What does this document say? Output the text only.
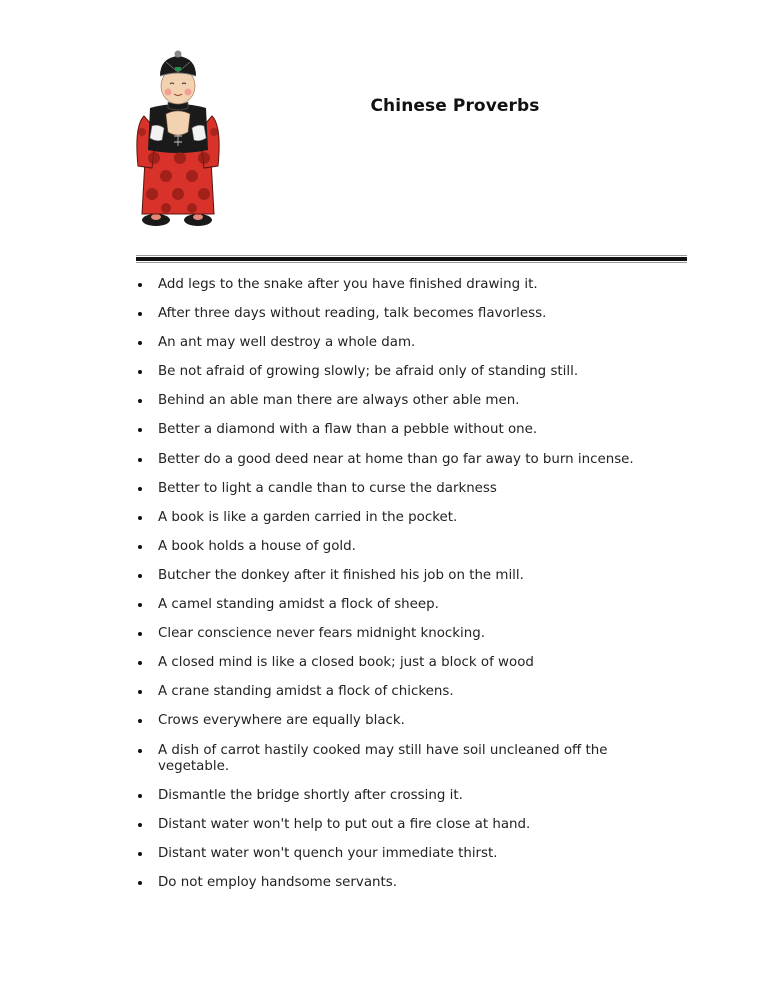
Chinese Proverbs
Add legs to the snake after you have finished drawing it.
After three days without reading, talk becomes flavorless.
An ant may well destroy a whole dam.
Be not afraid of growing slowly; be afraid only of standing still.
Behind an able man there are always other able men.
Better a diamond with a flaw than a pebble without one.
Better do a good deed near at home than go far away to burn incense.
Better to light a candle than to curse the darkness
A book is like a garden carried in the pocket.
A book holds a house of gold.
Butcher the donkey after it finished his job on the mill.
A camel standing amidst a flock of sheep.
Clear conscience never fears midnight knocking.
A closed mind is like a closed book; just a block of wood
A crane standing amidst a flock of chickens.
Crows everywhere are equally black.
A dish of carrot hastily cooked may still have soil uncleaned off the vegetable.
Dismantle the bridge shortly after crossing it.
Distant water won't help to put out a fire close at hand.
Distant water won't quench your immediate thirst.
Do not employ handsome servants.
